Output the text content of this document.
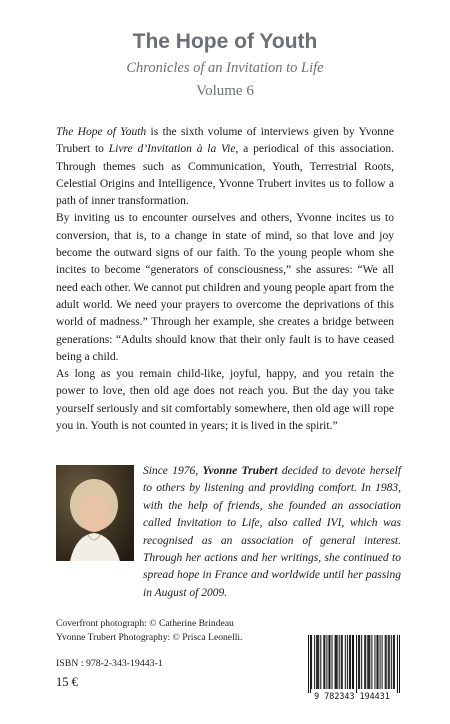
The Hope of Youth
Chronicles of an Invitation to Life
Volume 6

The Hope of Youth is the sixth volume of interviews given by Yvonne Trubert to Livre d’Invitation à la Vie, a periodical of this association. Through themes such as Communication, Youth, Terrestrial Roots, Celestial Origins and Intelligence, Yvonne Trubert invites us to follow a path of inner transformation.

By inviting us to encounter ourselves and others, Yvonne incites us to conversion, that is, to a change in state of mind, so that love and joy become the outward signs of our faith. To the young people whom she incites to become “generators of consciousness,” she assures: “We all need each other. We cannot put children and young people apart from the adult world. We need your prayers to overcome the deprivations of this world of madness.” Through her example, she creates a bridge between generations: “Adults should know that their only fault is to have ceased being a child.

As long as you remain child-like, joyful, happy, and you retain the power to love, then old age does not reach you. But the day you take yourself seriously and sit comfortably somewhere, then old age will rope you in. Youth is not counted in years; it is lived in the spirit.”

Since 1976, Yvonne Trubert decided to devote herself to others by listening and providing comfort. In 1983, with the help of friends, she founded an association called Invitation to Life, also called IVI, which was recognised as an association of general interest. Through her actions and her writings, she continued to spread hope in France and worldwide until her passing in August of 2009.
Coverfront photograph: © Catherine Brindeau
Yvonne Trubert Photography: © Prisca Leonelli.
ISBN : 978-2-343-19443-1
15 €
9 782343 194431
